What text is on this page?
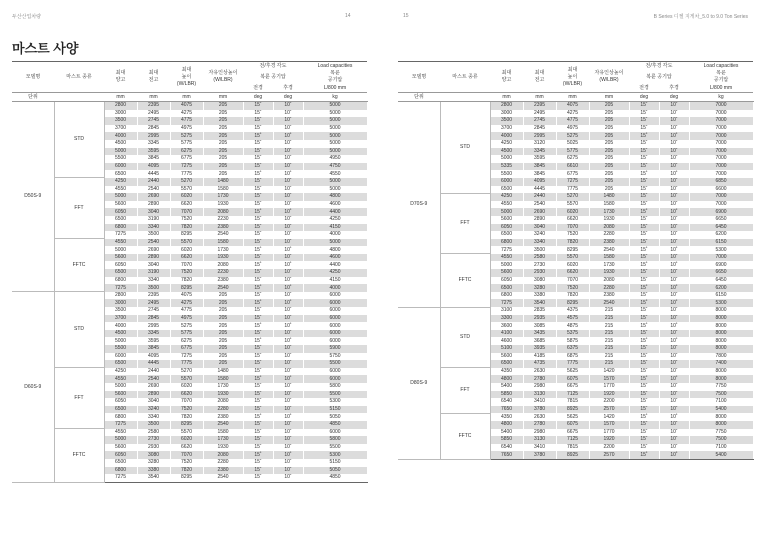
두산산업차량	14	15	B Series 디젤 지게차_5.0 to 9.0 Ton Series
마스트 사양
모델명	마스트 종류	최대
양고	최대
전고	최대
높이
(W/LBR)	자유인상높이
(W/LBR)	전/후경 각도		Load capacities
						복륜 공기압		복륜
공기압
						전경	후경	L/800 mm
단위		mm	mm	mm	mm	deg	deg	kg
D50S-9	STD	2800	2395	4075	205	15˚	10˚	5000
		3000	2495	4275	205	15˚	10˚	5000
		3500	2745	4775	205	15˚	10˚	5000
		3700	2845	4975	205	15˚	10˚	5000
		4000	2995	5275	205	15˚	10˚	5000
		4500	3345	5775	205	15˚	10˚	5000
		5000	3595	6275	205	15˚	10˚	5000
		5500	3845	6775	205	15˚	10˚	4950
		6000	4095	7275	205	15˚	10˚	4750
		6500	4445	7775	205	15˚	10˚	4550
	FFT	4250	2440	5270	1480	15˚	10˚	5000
		4550	2540	5570	1580	15˚	10˚	5000
		5000	2690	6020	1730	15˚	10˚	4800
		5600	2890	6620	1930	15˚	10˚	4600
		6050	3040	7070	2080	15˚	10˚	4400
		6500	3190	7520	2230	15˚	10˚	4250
		6800	3340	7820	2380	15˚	10˚	4150
		7275	3500	8295	2540	15˚	10˚	4000
	FFTC	4550	2540	5570	1580	15˚	10˚	5000
		5000	2690	6020	1730	15˚	10˚	4800
		5600	2890	6620	1930	15˚	10˚	4600
		6050	3040	7070	2080	15˚	10˚	4400
		6500	3190	7520	2230	15˚	10˚	4250
		6800	3340	7820	2380	15˚	10˚	4150
		7275	3500	8295	2540	15˚	10˚	4000
D60S-9	STD	2800	2395	4075	205	15˚	10˚	6000
		3000	2495	4275	205	15˚	10˚	6000
		3500	2745	4775	205	15˚	10˚	6000
		3700	2845	4975	205	15˚	10˚	6000
		4000	2995	5275	205	15˚	10˚	6000
		4500	3345	5775	205	15˚	10˚	6000
		5000	3595	6275	205	15˚	10˚	6000
		5500	3845	6775	205	15˚	10˚	5900
		6000	4095	7275	205	15˚	10˚	5750
		6500	4445	7775	205	15˚	10˚	5500
	FFT	4250	2440	5270	1480	15˚	10˚	6000
		4550	2540	5570	1580	15˚	10˚	6000
		5000	2690	6020	1730	15˚	10˚	5800
		5600	2890	6620	1930	15˚	10˚	5500
		6050	3040	7070	2080	15˚	10˚	5300
		6500	3240	7520	2280	15˚	10˚	5150
		6800	3340	7820	2380	15˚	10˚	5050
		7275	3500	8295	2540	15˚	10˚	4850
	FFTC	4550	2580	5570	1580	15˚	10˚	6000
		5000	2730	6020	1730	15˚	10˚	5800
		5600	2930	6620	1930	15˚	10˚	5500
		6050	3080	7070	2080	15˚	10˚	5300
		6500	3280	7520	2280	15˚	10˚	5150
		6800	3380	7820	2380	15˚	10˚	5050
		7275	3540	8295	2540	15˚	10˚	4850
모델명	마스트 종류	최대
양고	최대
전고	최대
높이
(W/LBR)	자유인상높이
(W/LBR)	전/후경 각도		Load capacities
						복륜 공기압		복륜
공기압
						전경	후경	L/800 mm
단위		mm	mm	mm	mm	deg	deg	kg
D70S-9	STD	2800	2395	4075	205	15˚	10˚	7000
		3000	2495	4275	205	15˚	10˚	7000
		3500	2745	4775	205	15˚	10˚	7000
		3700	2845	4975	205	15˚	10˚	7000
		4000	2995	5275	205	15˚	10˚	7000
		4250	3120	5025	205	15˚	10˚	7000
		4500	3345	5775	205	15˚	10˚	7000
		5000	3595	6275	205	15˚	10˚	7000
		5335	3845	6610	205	15˚	10˚	7000
		5500	3845	6775	205	15˚	10˚	7000
		6000	4095	7275	205	15˚	10˚	6850
		6500	4445	7775	205	15˚	10˚	6600
	FFT	4250	2440	5270	1480	15˚	10˚	7000
		4550	2540	5570	1580	15˚	10˚	7000
		5000	2690	6020	1730	15˚	10˚	6900
		5600	2890	6620	1930	15˚	10˚	6650
		6050	3040	7070	2080	15˚	10˚	6450
		6500	3240	7520	2280	15˚	10˚	6200
		6800	3340	7820	2380	15˚	10˚	6150
		7275	3500	8295	2540	15˚	10˚	5300
	FFTC	4550	2580	5570	1580	15˚	10˚	7000
		5000	2730	6020	1730	15˚	10˚	6900
		5600	2930	6620	1930	15˚	10˚	6650
		6050	3080	7070	2080	15˚	10˚	6450
		6500	3280	7520	2280	15˚	10˚	6200
		6800	3380	7820	2380	15˚	10˚	6150
		7275	3540	8295	2540	15˚	10˚	5300
D80S-9	STD	3100	2835	4375	215	15˚	10˚	8000
		3300	2935	4575	215	15˚	10˚	8000
		3600	3085	4875	215	15˚	10˚	8000
		4100	3435	5375	215	15˚	10˚	8000
		4600	3685	5875	215	15˚	10˚	8000
		5100	3935	6375	215	15˚	10˚	8000
		5600	4185	6875	215	15˚	10˚	7800
		6500	4735	7775	215	15˚	10˚	7400
	FFT	4350	2630	5625	1420	15˚	10˚	8000
		4800	2780	6075	1570	15˚	10˚	8000
		5400	2980	6675	1770	15˚	10˚	7750
		5850	3130	7125	1920	15˚	10˚	7500
		6540	3410	7815	2200	15˚	10˚	7100
		7650	3780	8925	2570	15˚	10˚	5400
	FFTC	4350	2630	5625	1420	15˚	10˚	8000
		4800	2780	6075	1570	15˚	10˚	8000
		5400	2980	6675	1770	15˚	10˚	7750
		5850	3130	7125	1920	15˚	10˚	7500
		6540	3410	7815	2200	15˚	10˚	7100
		7650	3780	8925	2570	15˚	10˚	5400
